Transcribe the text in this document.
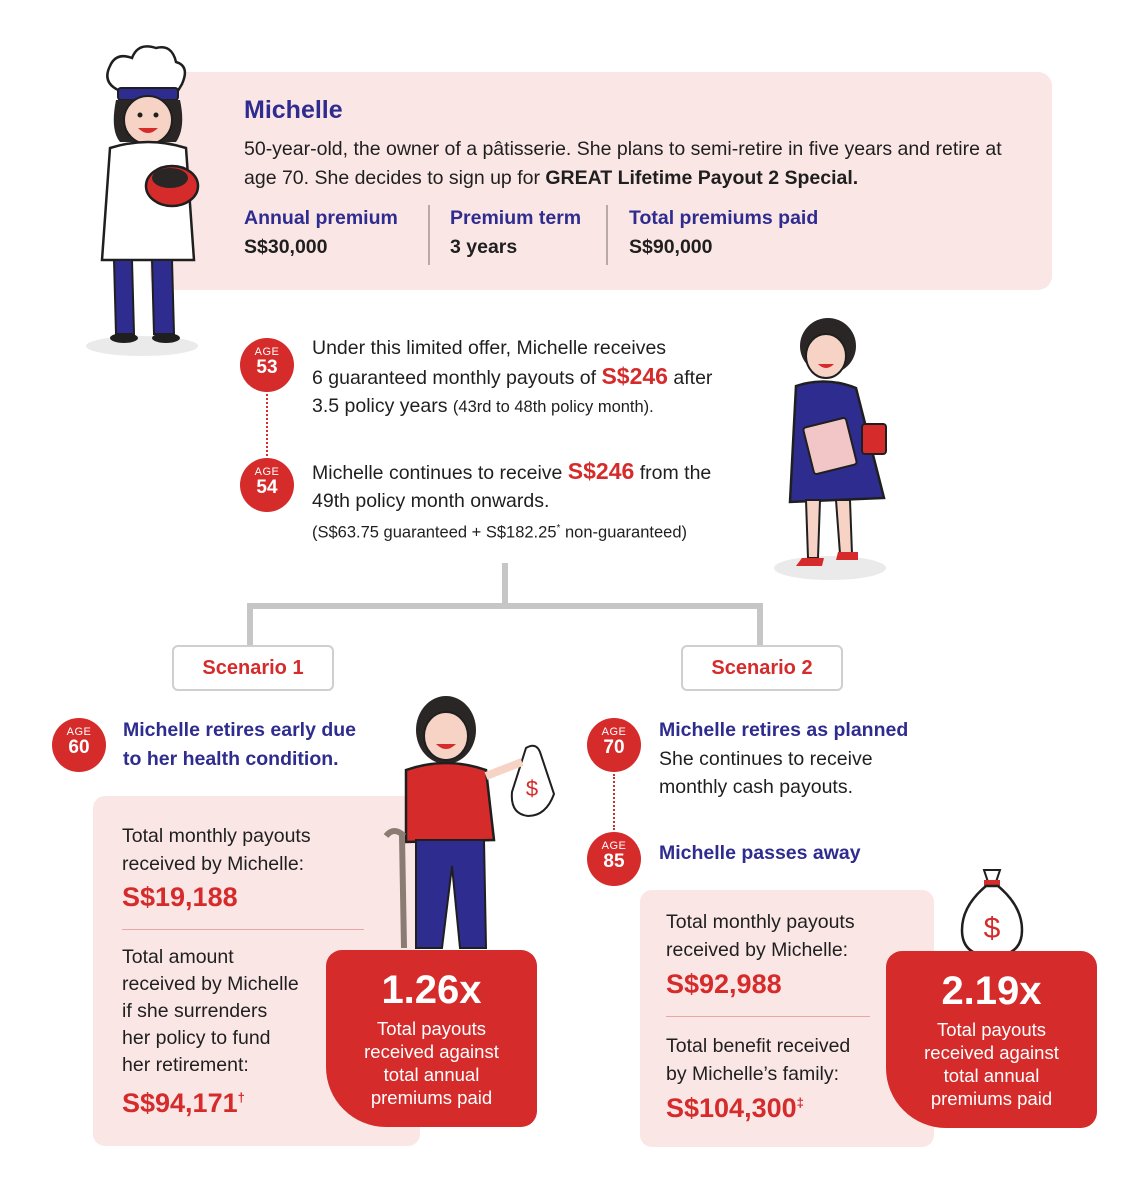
Michelle
50-year-old, the owner of a pâtisserie. She plans to semi-retire in five years and retire at age 70. She decides to sign up for GREAT Lifetime Payout 2 Special.
Annual premium
S$30,000
Premium term
3 years
Total premiums paid
S$90,000
AGE
53
AGE
54
Under this limited offer, Michelle receives
6 guaranteed monthly payouts of S$246 after
3.5 policy years (43rd to 48th policy month).
Michelle continues to receive S$246 from the
49th policy month onwards.
(S$63.75 guaranteed + S$182.25* non-guaranteed)
Scenario 1	Scenario 2
AGE
60
Michelle retires early due
to her health condition.
Total monthly payouts
received by Michelle:
S$19,188
Total amount
received by Michelle
if she surrenders
her policy to fund
her retirement:
S$94,171†
$
1.26x
Total payouts
received against
total annual
premiums paid
AGE
70
AGE
85
Michelle retires as planned
She continues to receive
monthly cash payouts.
Michelle passes away
Total monthly payouts
received by Michelle:
S$92,988
Total benefit received
by Michelle’s family:
S$104,300‡
$
2.19x
Total payouts
received against
total annual
premiums paid
